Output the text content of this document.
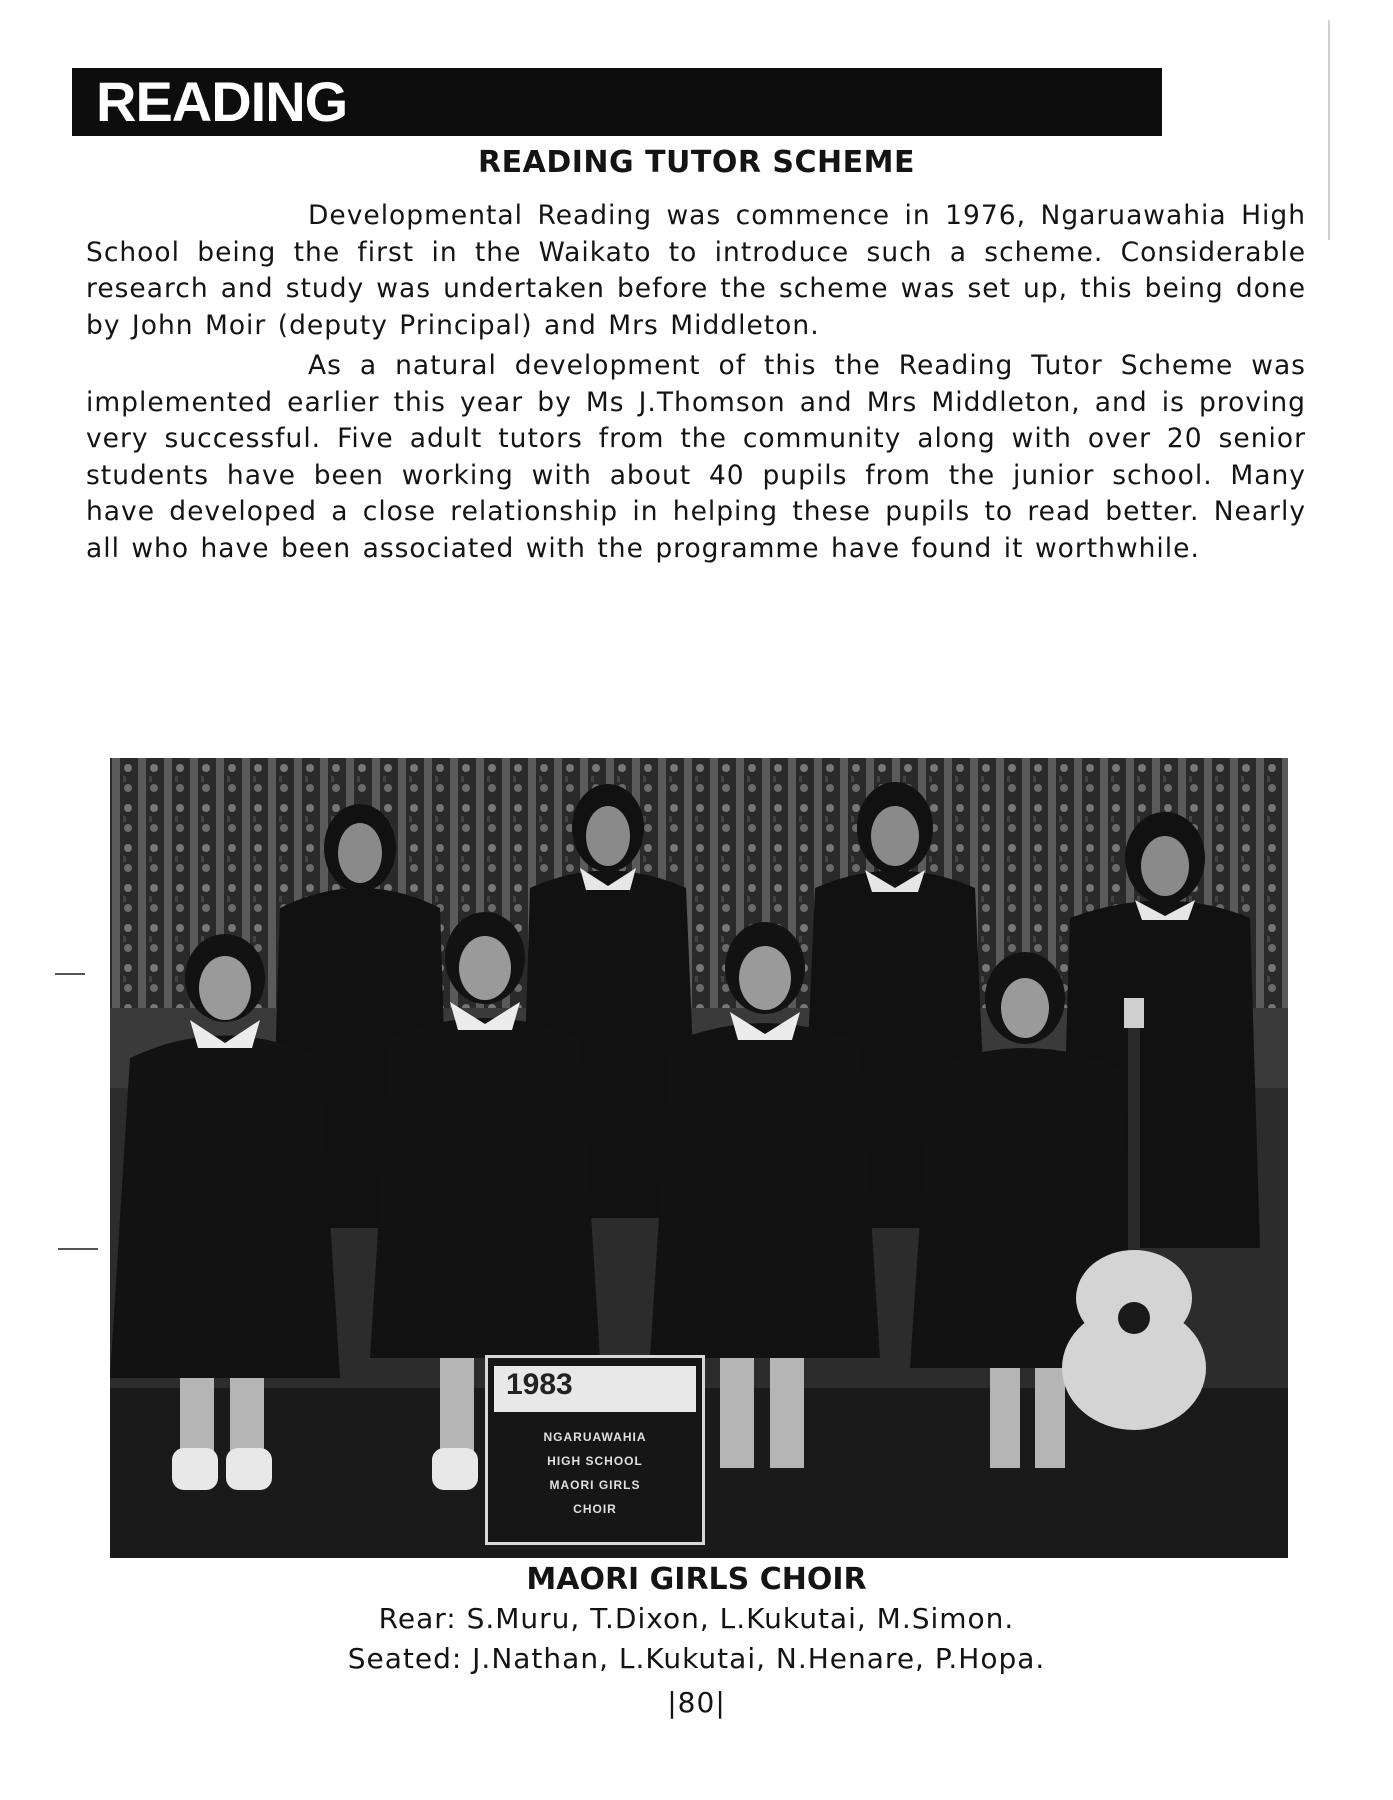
READING
READING TUTOR SCHEME

Developmental Reading was commence in 1976, Ngaruawahia High School being the first in the Waikato to introduce such a scheme. Considerable research and study was undertaken before the scheme was set up, this being done by John Moir (deputy Principal) and Mrs Middleton.

As a natural development of this the Reading Tutor Scheme was implemented earlier this year by Ms J.Thomson and Mrs Middleton, and is proving very successful. Five adult tutors from the community along with over 20 senior students have been working with about 40 pupils from the junior school. Many have developed a close relationship in helping these pupils to read better. Nearly all who have been associated with the programme have found it worthwhile.

1983
NGARUAWAHIA
HIGH SCHOOL
MAORI GIRLS
CHOIR
MAORI GIRLS CHOIR
Rear: S.Muru, T.Dixon, L.Kukutai, M.Simon.
Seated: J.Nathan, L.Kukutai, N.Henare, P.Hopa.
|80|
